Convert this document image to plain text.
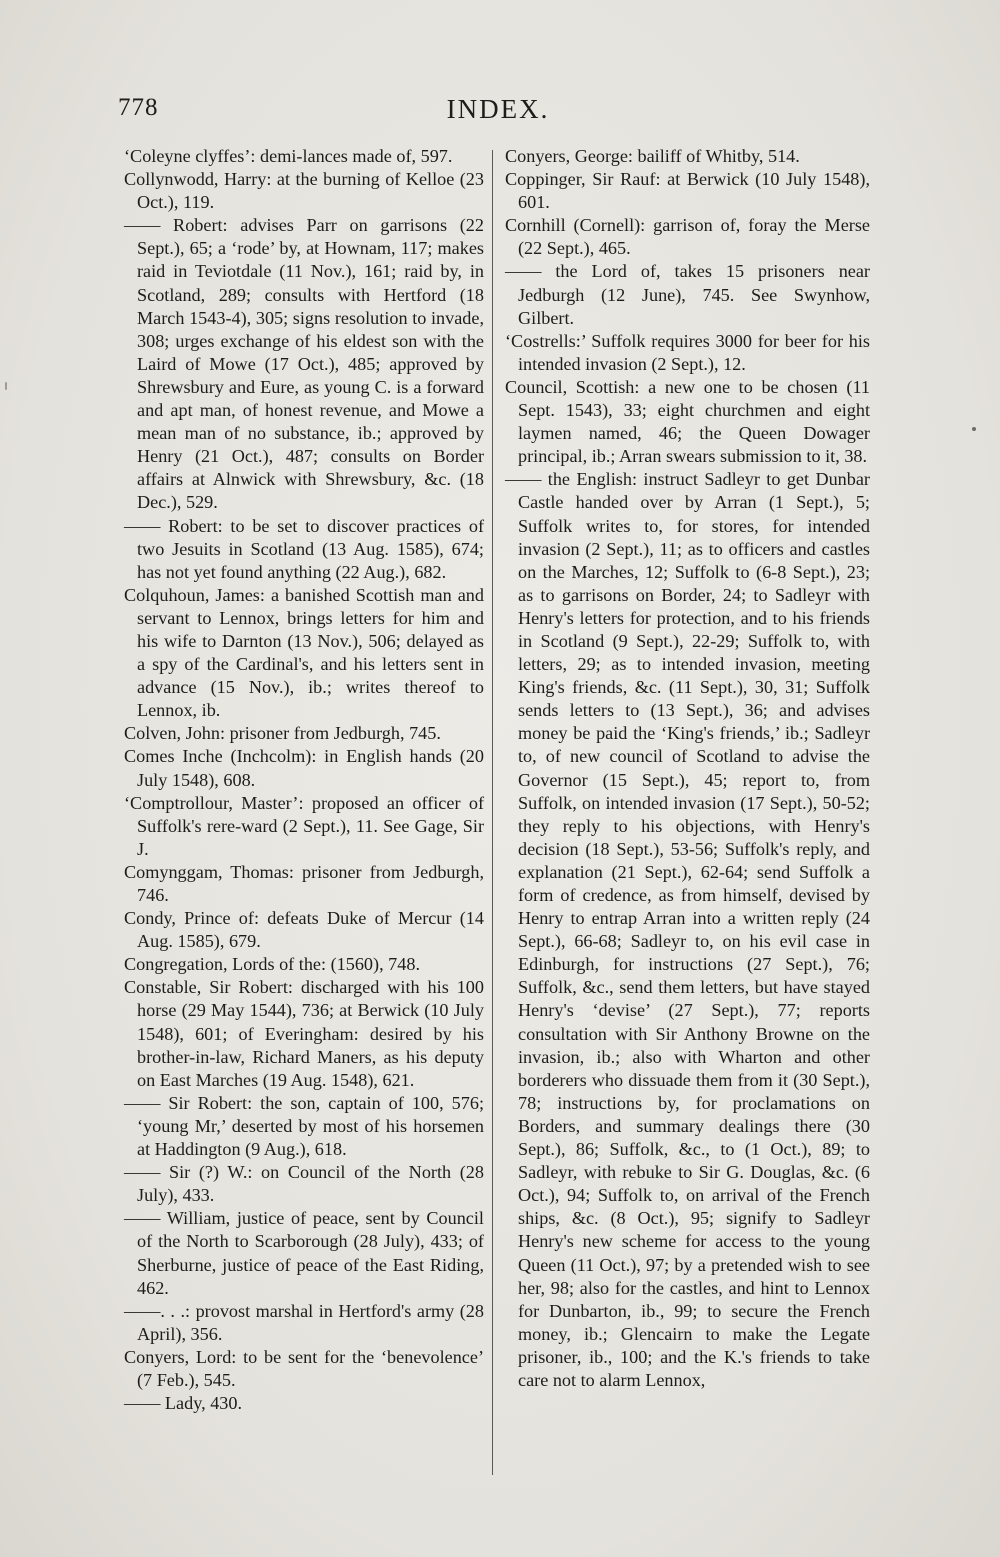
778	INDEX.

‘Coleyne clyffes’: demi-lances made of, 597.

Collynwodd, Harry: at the burning of Kelloe (23 Oct.), 119.

—— Robert: advises Parr on garrisons (22 Sept.), 65; a ‘rode’ by, at Hownam, 117; makes raid in Teviotdale (11 Nov.), 161; raid by, in Scotland, 289; consults with Hertford (18 March 1543-4), 305; signs resolution to invade, 308; urges exchange of his eldest son with the Laird of Mowe (17 Oct.), 485; approved by Shrewsbury and Eure, as young C. is a forward and apt man, of honest revenue, and Mowe a mean man of no substance, ib.; approved by Henry (21 Oct.), 487; consults on Border affairs at Alnwick with Shrewsbury, &c. (18 Dec.), 529.

—— Robert: to be set to discover practices of two Jesuits in Scotland (13 Aug. 1585), 674; has not yet found anything (22 Aug.), 682.

Colquhoun, James: a banished Scottish man and servant to Lennox, brings letters for him and his wife to Darnton (13 Nov.), 506; delayed as a spy of the Cardinal's, and his letters sent in advance (15 Nov.), ib.; writes thereof to Lennox, ib.

Colven, John: prisoner from Jedburgh, 745.

Comes Inche (Inchcolm): in English hands (20 July 1548), 608.

‘Comptrollour, Master’: proposed an officer of Suffolk's rere-ward (2 Sept.), 11. See Gage, Sir J.

Comynggam, Thomas: prisoner from Jedburgh, 746.

Condy, Prince of: defeats Duke of Mercur (14 Aug. 1585), 679.

Congregation, Lords of the: (1560), 748.

Constable, Sir Robert: discharged with his 100 horse (29 May 1544), 736; at Berwick (10 July 1548), 601; of Everingham: desired by his brother-in-law, Richard Maners, as his deputy on East Marches (19 Aug. 1548), 621.

—— Sir Robert: the son, captain of 100, 576; ‘young Mr,’ deserted by most of his horsemen at Haddington (9 Aug.), 618.

—— Sir (?) W.: on Council of the North (28 July), 433.

—— William, justice of peace, sent by Council of the North to Scarborough (28 July), 433; of Sherburne, justice of peace of the East Riding, 462.

——. . .: provost marshal in Hertford's army (28 April), 356.

Conyers, Lord: to be sent for the ‘benevolence’ (7 Feb.), 545.

—— Lady, 430.

Conyers, George: bailiff of Whitby, 514.

Coppinger, Sir Rauf: at Berwick (10 July 1548), 601.

Cornhill (Cornell): garrison of, foray the Merse (22 Sept.), 465.

—— the Lord of, takes 15 prisoners near Jedburgh (12 June), 745. See Swynhow, Gilbert.

‘Costrells:’ Suffolk requires 3000 for beer for his intended invasion (2 Sept.), 12.

Council, Scottish: a new one to be chosen (11 Sept. 1543), 33; eight churchmen and eight laymen named, 46; the Queen Dowager principal, ib.; Arran swears submission to it, 38.

—— the English: instruct Sadleyr to get Dunbar Castle handed over by Arran (1 Sept.), 5; Suffolk writes to, for stores, for intended invasion (2 Sept.), 11; as to officers and castles on the Marches, 12; Suffolk to (6-8 Sept.), 23; as to garrisons on Border, 24; to Sadleyr with Henry's letters for protection, and to his friends in Scotland (9 Sept.), 22-29; Suffolk to, with letters, 29; as to intended invasion, meeting King's friends, &c. (11 Sept.), 30, 31; Suffolk sends letters to (13 Sept.), 36; and advises money be paid the ‘King's friends,’ ib.; Sadleyr to, of new council of Scotland to advise the Governor (15 Sept.), 45; report to, from Suffolk, on intended invasion (17 Sept.), 50-52; they reply to his objections, with Henry's decision (18 Sept.), 53-56; Suffolk's reply, and explanation (21 Sept.), 62-64; send Suffolk a form of credence, as from himself, devised by Henry to entrap Arran into a written reply (24 Sept.), 66-68; Sadleyr to, on his evil case in Edinburgh, for instructions (27 Sept.), 76; Suffolk, &c., send them letters, but have stayed Henry's ‘devise’ (27 Sept.), 77; reports consultation with Sir Anthony Browne on the invasion, ib.; also with Wharton and other borderers who dissuade them from it (30 Sept.), 78; instructions by, for proclamations on Borders, and summary dealings there (30 Sept.), 86; Suffolk, &c., to (1 Oct.), 89; to Sadleyr, with rebuke to Sir G. Douglas, &c. (6 Oct.), 94; Suffolk to, on arrival of the French ships, &c. (8 Oct.), 95; signify to Sadleyr Henry's new scheme for access to the young Queen (11 Oct.), 97; by a pretended wish to see her, 98; also for the castles, and hint to Lennox for Dunbarton, ib., 99; to secure the French money, ib.; Glencairn to make the Legate prisoner, ib., 100; and the K.'s friends to take care not to alarm Lennox,
